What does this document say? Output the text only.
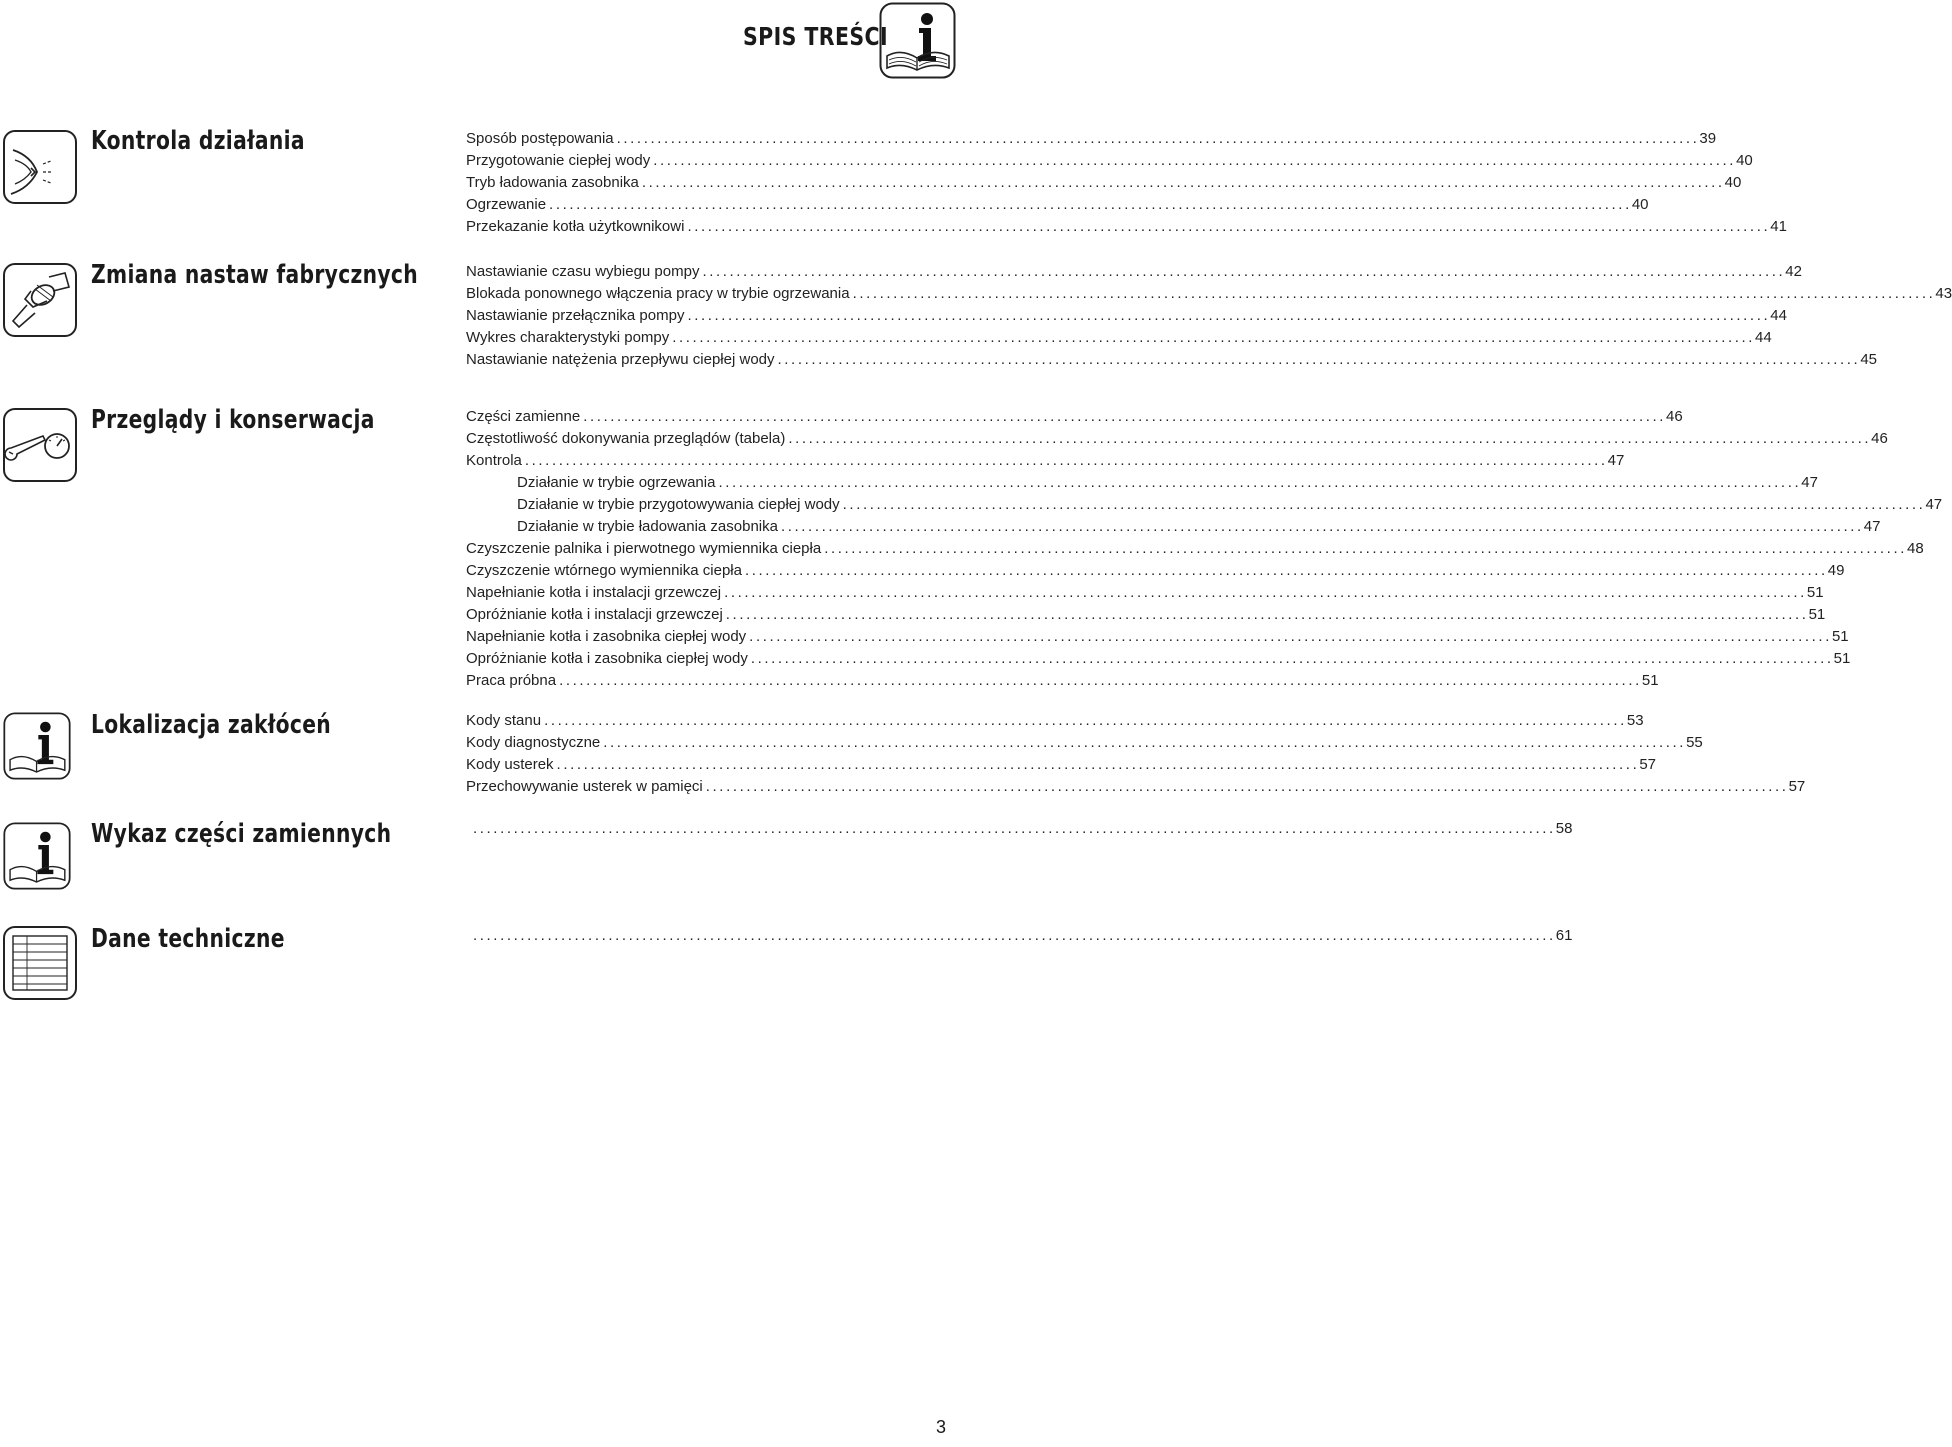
SPIS TREŚCI
Kontrola działania	Sposób postępowania ................................................................................................................................................................ 39
Przygotowanie ciepłej wody ................................................................................................................................................................ 40
Tryb ładowania zasobnika ................................................................................................................................................................ 40
Ogrzewanie ................................................................................................................................................................ 40
Przekazanie kotła użytkownikowi ................................................................................................................................................................ 41
Zmiana nastaw fabrycznych	Nastawianie czasu wybiegu pompy ................................................................................................................................................................ 42
Blokada ponownego włączenia pracy w trybie ogrzewania ................................................................................................................................................................ 43
Nastawianie przełącznika pompy ................................................................................................................................................................ 44
Wykres charakterystyki pompy ................................................................................................................................................................ 44
Nastawianie natężenia przepływu ciepłej wody ................................................................................................................................................................ 45
Przeglądy i konserwacja	Części zamienne ................................................................................................................................................................ 46
Częstotliwość dokonywania przeglądów (tabela) ................................................................................................................................................................ 46
Kontrola ................................................................................................................................................................ 47
Działanie w trybie ogrzewania ................................................................................................................................................................ 47
Działanie w trybie przygotowywania ciepłej wody ................................................................................................................................................................ 47
Działanie w trybie ładowania zasobnika ................................................................................................................................................................ 47
Czyszczenie palnika i pierwotnego wymiennika ciepła ................................................................................................................................................................ 48
Czyszczenie wtórnego wymiennika ciepła ................................................................................................................................................................ 49
Napełnianie kotła i instalacji grzewczej ................................................................................................................................................................ 51
Opróżnianie kotła i instalacji grzewczej ................................................................................................................................................................ 51
Napełnianie kotła i zasobnika ciepłej wody ................................................................................................................................................................ 51
Opróżnianie kotła i zasobnika ciepłej wody ................................................................................................................................................................ 51
Praca próbna ................................................................................................................................................................ 51
Lokalizacja zakłóceń	Kody stanu ................................................................................................................................................................ 53
Kody diagnostyczne ................................................................................................................................................................ 55
Kody usterek ................................................................................................................................................................ 57
Przechowywanie usterek w pamięci ................................................................................................................................................................ 57
Wykaz części zamiennych	................................................................................................................................................................ 58
Dane techniczne	................................................................................................................................................................ 61
3
